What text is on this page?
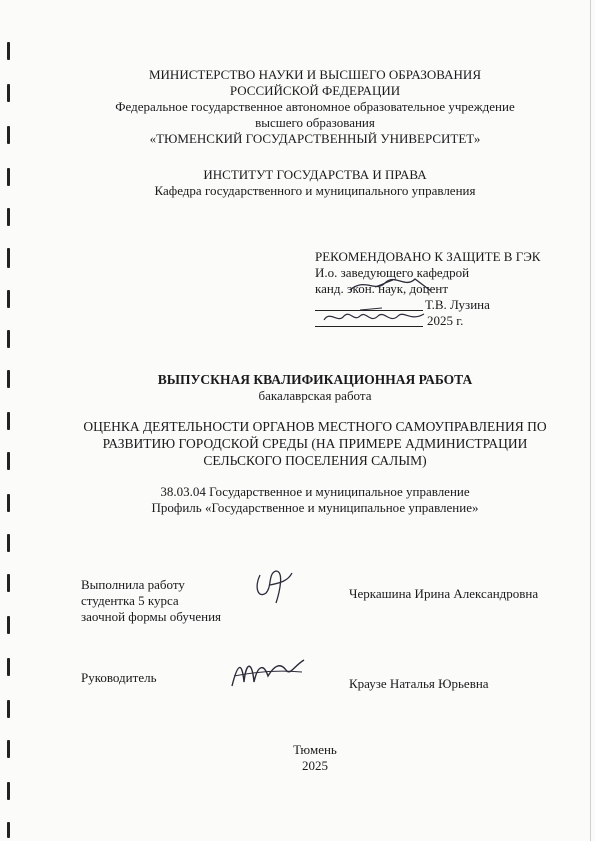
МИНИСТЕРСТВО НАУКИ И ВЫСШЕГО ОБРАЗОВАНИЯ
РОССИЙСКОЙ ФЕДЕРАЦИИ
Федеральное государственное автономное образовательное учреждение
высшего образования
«ТЮМЕНСКИЙ ГОСУДАРСТВЕННЫЙ УНИВЕРСИТЕТ»
ИНСТИТУТ ГОСУДАРСТВА И ПРАВА
Кафедра государственного и муниципального управления
РЕКОМЕНДОВАНО К ЗАЩИТЕ В ГЭК
И.о. заведующего кафедрой
канд. экон. наук, доцент
Т.В. Лузина
2025 г.
ВЫПУСКНАЯ КВАЛИФИКАЦИОННАЯ РАБОТА
бакалаврская работа
ОЦЕНКА ДЕЯТЕЛЬНОСТИ ОРГАНОВ МЕСТНОГО САМОУПРАВЛЕНИЯ ПО
РАЗВИТИЮ ГОРОДСКОЙ СРЕДЫ (НА ПРИМЕРЕ АДМИНИСТРАЦИИ
СЕЛЬСКОГО ПОСЕЛЕНИЯ САЛЫМ)
38.03.04 Государственное и муниципальное управление
Профиль «Государственное и муниципальное управление»
Выполнила работу
студентка 5 курса
заочной формы обучения
Черкашина Ирина Александровна
Руководитель	Краузе Наталья Юрьевна
Тюмень
2025
